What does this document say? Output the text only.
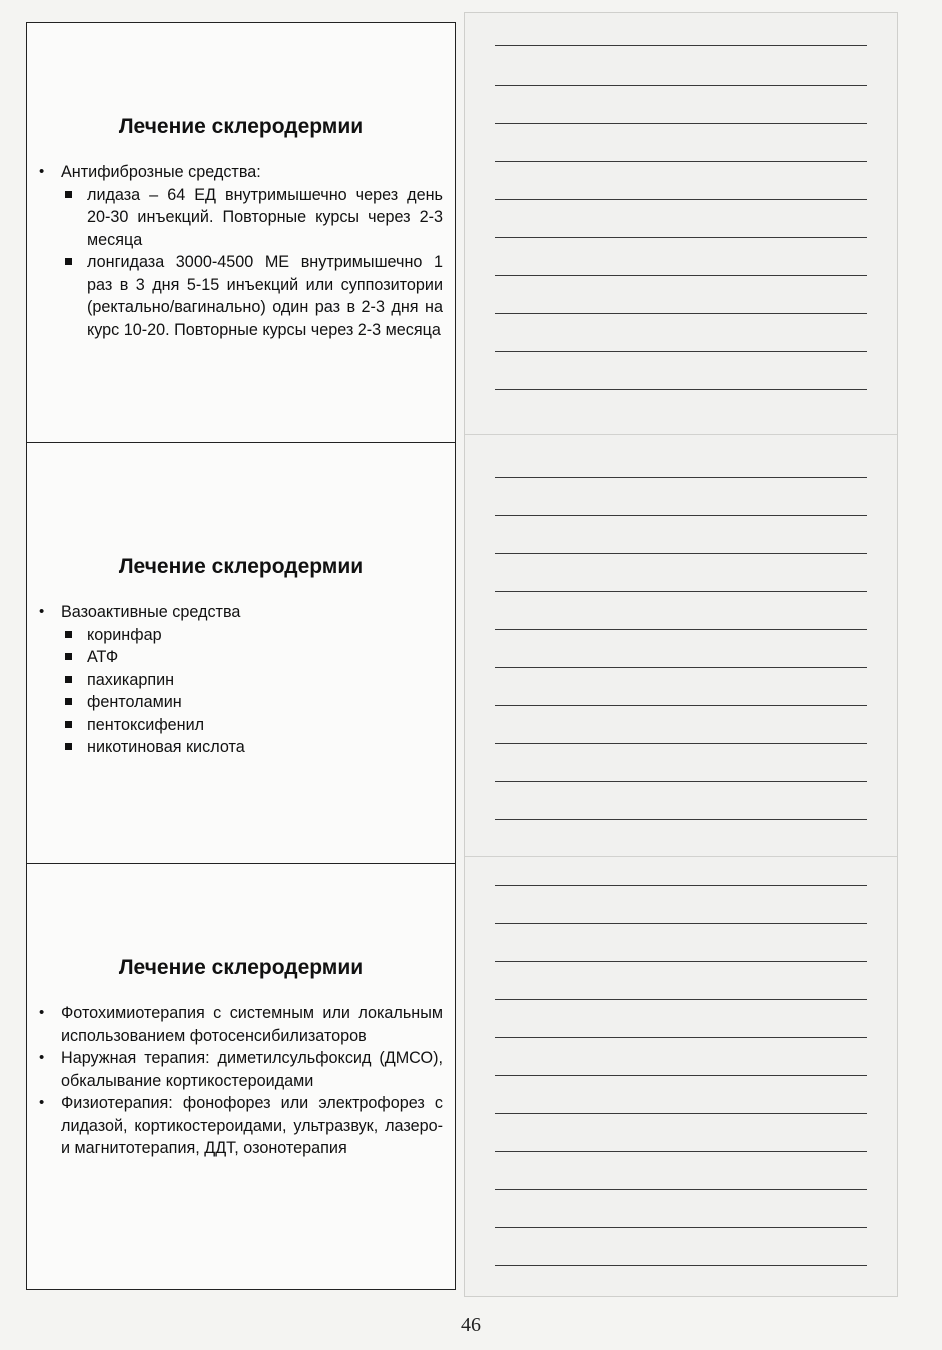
Лечение склеродермии
• Антифиброзные средства:
лидаза – 64 ЕД внутримышечно через день 20-30 инъекций. Повторные курсы через 2-3 месяца
лонгидаза 3000-4500 МЕ внутримышечно 1 раз в 3 дня 5-15 инъекций или суппозитории (ректально/вагинально) один раз в 2-3 дня на курс 10-20. Повторные курсы через 2-3 месяца
Лечение склеродермии
• Вазоактивные средства
коринфар
АТФ
пахикарпин
фентоламин
пентоксифенил
никотиновая кислота
Лечение склеродермии
• Фотохимиотерапия с системным или локальным использованием фотосенсибилизаторов
• Наружная терапия: диметилсульфоксид (ДМСО), обкалывание кортикостероидами
• Физиотерапия: фонофорез или электрофорез с лидазой, кортикостероидами, ультразвук, лазеро- и магнитотерапия, ДДТ, озонотерапия
46
